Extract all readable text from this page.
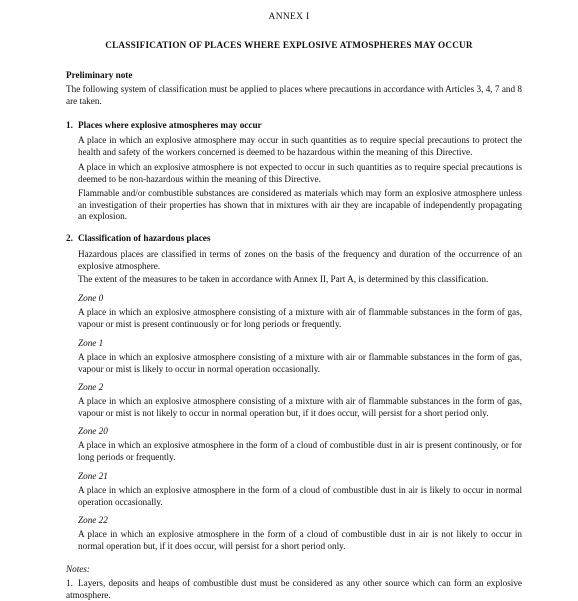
ANNEX I
CLASSIFICATION OF PLACES WHERE EXPLOSIVE ATMOSPHERES MAY OCCUR
Preliminary note

The following system of classification must be applied to places where precautions in accordance with Articles 3, 4, 7 and 8 are taken.

1. Places where explosive atmospheres may occur

A place in which an explosive atmosphere may occur in such quantities as to require special precautions to protect the health and safety of the workers concerned is deemed to be hazardous within the meaning of this Directive.

A place in which an explosive atmosphere is not expected to occur in such quantities as to require special precautions is deemed to be non-hazardous within the meaning of this Directive.

Flammable and/or combustible substances are considered as materials which may form an explosive atmosphere unless an investigation of their properties has shown that in mixtures with air they are incapable of independently propagating an explosion.

2. Classification of hazardous places

Hazardous places are classified in terms of zones on the basis of the frequency and duration of the occurrence of an explosive atmosphere.

The extent of the measures to be taken in accordance with Annex II, Part A, is determined by this classification.

Zone 0

A place in which an explosive atmosphere consisting of a mixture with air of flammable substances in the form of gas, vapour or mist is present continuously or for long periods or frequently.

Zone 1

A place in which an explosive atmosphere consisting of a mixture with air or flammable substances in the form of gas, vapour or mist is likely to occur in normal operation occasionally.

Zone 2

A place in which an explosive atmosphere consisting of a mixture with air of flammable substances in the form of gas, vapour or mist is not likely to occur in normal operation but, if it does occur, will persist for a short period only.

Zone 20

A place in which an explosive atmosphere in the form of a cloud of combustible dust in air is present continously, or for long periods or frequently.

Zone 21

A place in which an explosive atmosphere in the form of a cloud of combustible dust in air is likely to occur in normal operation occasionally.

Zone 22

A place in which an explosive atmosphere in the form of a cloud of combustible dust in air is not likely to occur in normal operation but, if it does occur, will persist for a short period only.

Notes:

1. Layers, deposits and heaps of combustible dust must be considered as any other source which can form an explosive atmosphere.
